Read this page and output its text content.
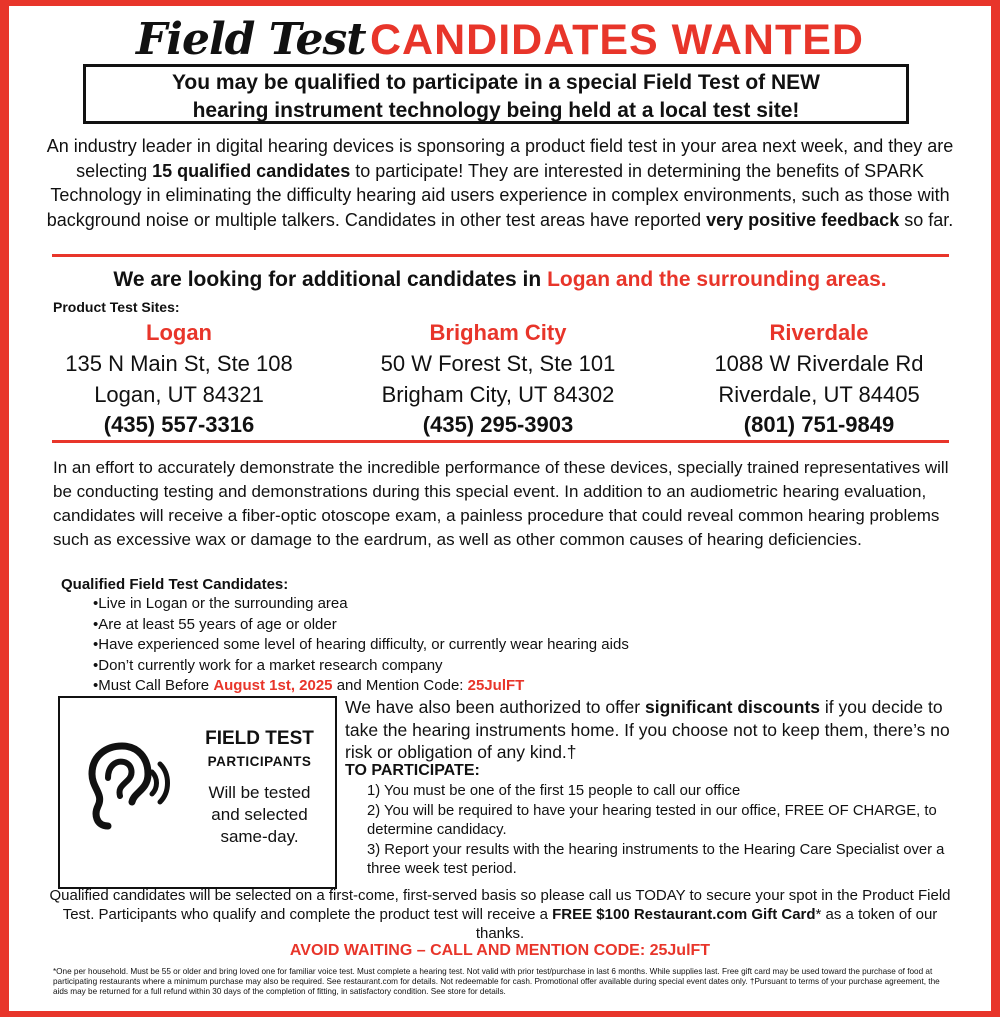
Field Test CANDIDATES WANTED
You may be qualified to participate in a special Field Test of NEW
hearing instrument technology being held at a local test site!
An industry leader in digital hearing devices is sponsoring a product field test in your area next week, and they are selecting 15 qualified candidates to participate! They are interested in determining the benefits of SPARK Technology in eliminating the difficulty hearing aid users experience in complex environments, such as those with background noise or multiple talkers. Candidates in other test areas have reported very positive feedback so far.
We are looking for additional candidates in Logan and the surrounding areas.
Product Test Sites:
Logan
135 N Main St, Ste 108
Logan, UT 84321
(435) 557-3316
Brigham City
50 W Forest St, Ste 101
Brigham City, UT 84302
(435) 295-3903
Riverdale
1088 W Riverdale Rd
Riverdale, UT 84405
(801) 751-9849
In an effort to accurately demonstrate the incredible performance of these devices, specially trained representatives will be conducting testing and demonstrations during this special event. In addition to an audiometric hearing evaluation, candidates will receive a fiber-optic otoscope exam, a painless procedure that could reveal common hearing problems such as excessive wax or damage to the eardrum, as well as other common causes of hearing deficiencies.
Qualified Field Test Candidates:
• Live in Logan or the surrounding area
• Are at least 55 years of age or older
• Have experienced some level of hearing difficulty, or currently wear hearing aids
• Don’t currently work for a market research company
• Must Call Before August 1st, 2025 and Mention Code: 25JulFT
FIELD TEST
PARTICIPANTS
Will be tested
and selected
same-day.
We have also been authorized to offer significant discounts if you decide to take the hearing instruments home. If you choose not to keep them, there’s no risk or obligation of any kind.†
TO PARTICIPATE:
1) You must be one of the first 15 people to call our office
2) You will be required to have your hearing tested in our office, FREE OF CHARGE, to determine candidacy.
3) Report your results with the hearing instruments to the Hearing Care Specialist over a three week test period.
Qualified candidates will be selected on a first-come, first-served basis so please call us TODAY to secure your spot in the Product Field Test. Participants who qualify and complete the product test will receive a FREE $100 Restaurant.com Gift Card* as a token of our thanks.
AVOID WAITING – CALL AND MENTION CODE: 25JulFT
*One per household. Must be 55 or older and bring loved one for familiar voice test. Must complete a hearing test. Not valid with prior test/purchase in last 6 months. While supplies last. Free gift card may be used toward the purchase of food at participating restaurants where a minimum purchase may also be required. See restaurant.com for details. Not redeemable for cash. Promotional offer available during special event dates only. †Pursuant to terms of your purchase agreement, the aids may be returned for a full refund within 30 days of the completion of fitting, in satisfactory condition. See store for details.
